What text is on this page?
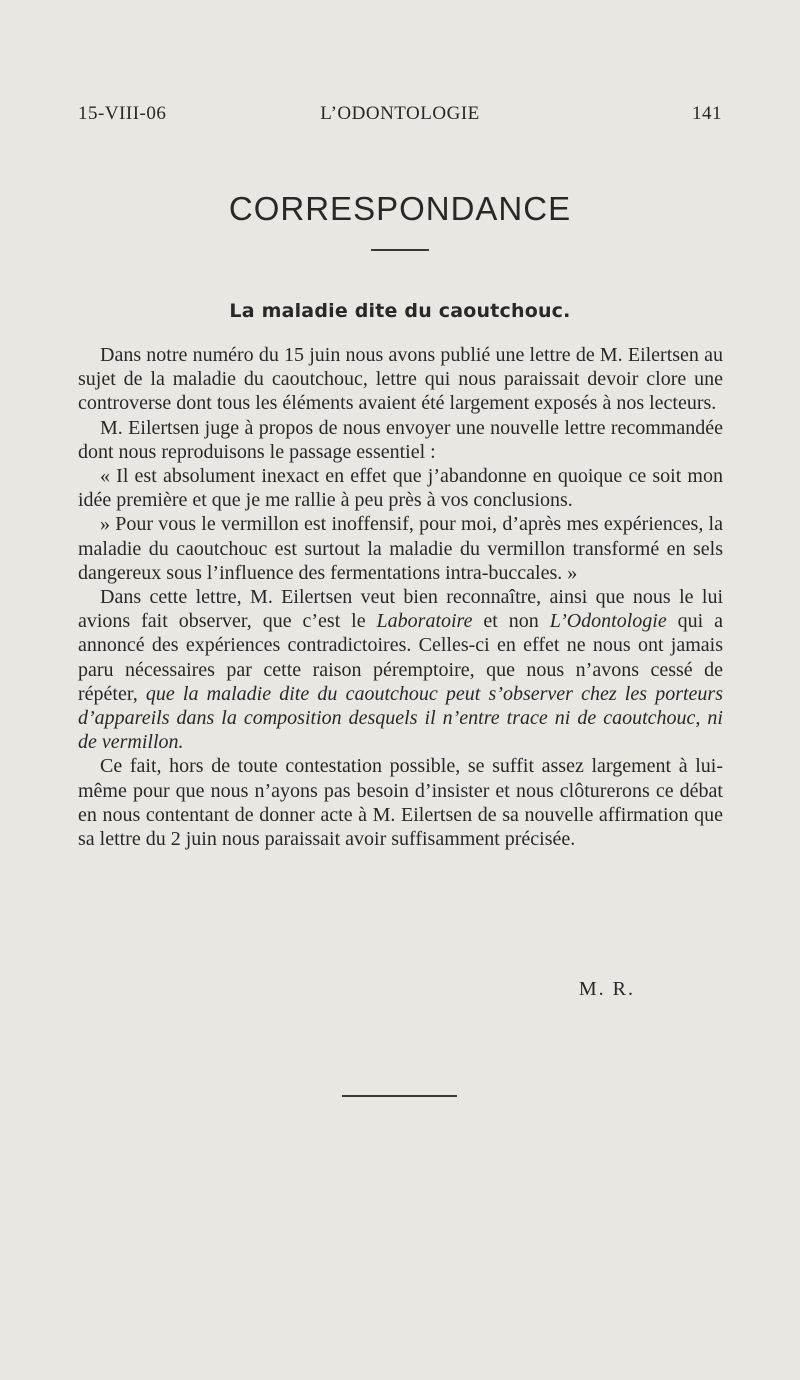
15-VIII-06	L’ODONTOLOGIE	141
CORRESPONDANCE
La maladie dite du caoutchouc.

Dans notre numéro du 15 juin nous avons publié une lettre de M. Eilertsen au sujet de la maladie du caoutchouc, lettre qui nous paraissait devoir clore une controverse dont tous les éléments avaient été largement exposés à nos lecteurs.

M. Eilertsen juge à propos de nous envoyer une nouvelle lettre recommandée dont nous reproduisons le passage essentiel :

« Il est absolument inexact en effet que j’abandonne en quoique ce soit mon idée première et que je me rallie à peu près à vos conclusions.

» Pour vous le vermillon est inoffensif, pour moi, d’après mes expériences, la maladie du caoutchouc est surtout la maladie du vermillon transformé en sels dangereux sous l’influence des fermentations intra-buccales. »

Dans cette lettre, M. Eilertsen veut bien reconnaître, ainsi que nous le lui avions fait observer, que c’est le Laboratoire et non L’Odontologie qui a annoncé des expériences contradictoires. Celles-ci en effet ne nous ont jamais paru nécessaires par cette raison péremptoire, que nous n’avons cessé de répéter, que la maladie dite du caoutchouc peut s’observer chez les porteurs d’appareils dans la composition desquels il n’entre trace ni de caoutchouc, ni de vermillon.

Ce fait, hors de toute contestation possible, se suffit assez largement à lui-même pour que nous n’ayons pas besoin d’insister et nous clôturerons ce débat en nous contentant de donner acte à M. Eilertsen de sa nouvelle affirmation que sa lettre du 2 juin nous paraissait avoir suffisamment précisée.

M. R.
